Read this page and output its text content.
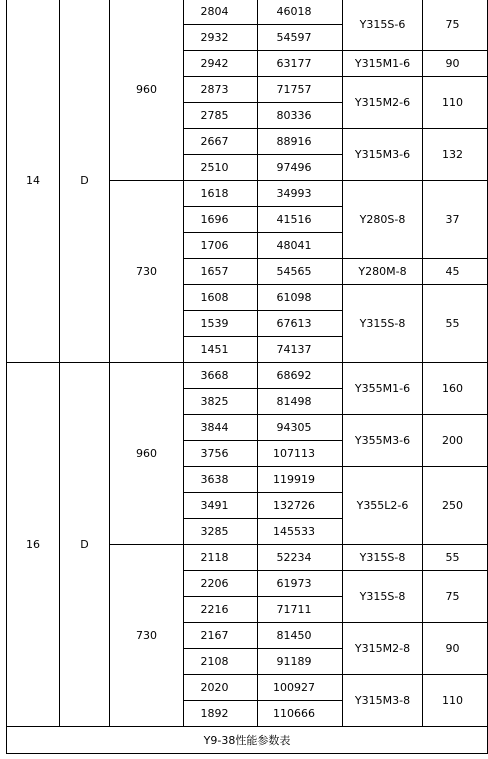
14	D	960	2804	46018	Y315S-6	75
			2932	54597		
			2942	63177	Y315M1-6	90
			2873	71757	Y315M2-6	110
			2785	80336		
			2667	88916	Y315M3-6	132
			2510	97496		
		730	1618	34993	Y280S-8	37
			1696	41516		
			1706	48041		
			1657	54565	Y280M-8	45
			1608	61098	Y315S-8	55
			1539	67613		
			1451	74137		
16	D	960	3668	68692	Y355M1-6	160
			3825	81498		
			3844	94305	Y355M3-6	200
			3756	107113		
			3638	119919	Y355L2-6	250
			3491	132726		
			3285	145533		
		730	2118	52234	Y315S-8	55
			2206	61973	Y315S-8	75
			2216	71711		
			2167	81450	Y315M2-8	90
			2108	91189		
			2020	100927	Y315M3-8	110
			1892	110666		
Y9-38性能参数表						
